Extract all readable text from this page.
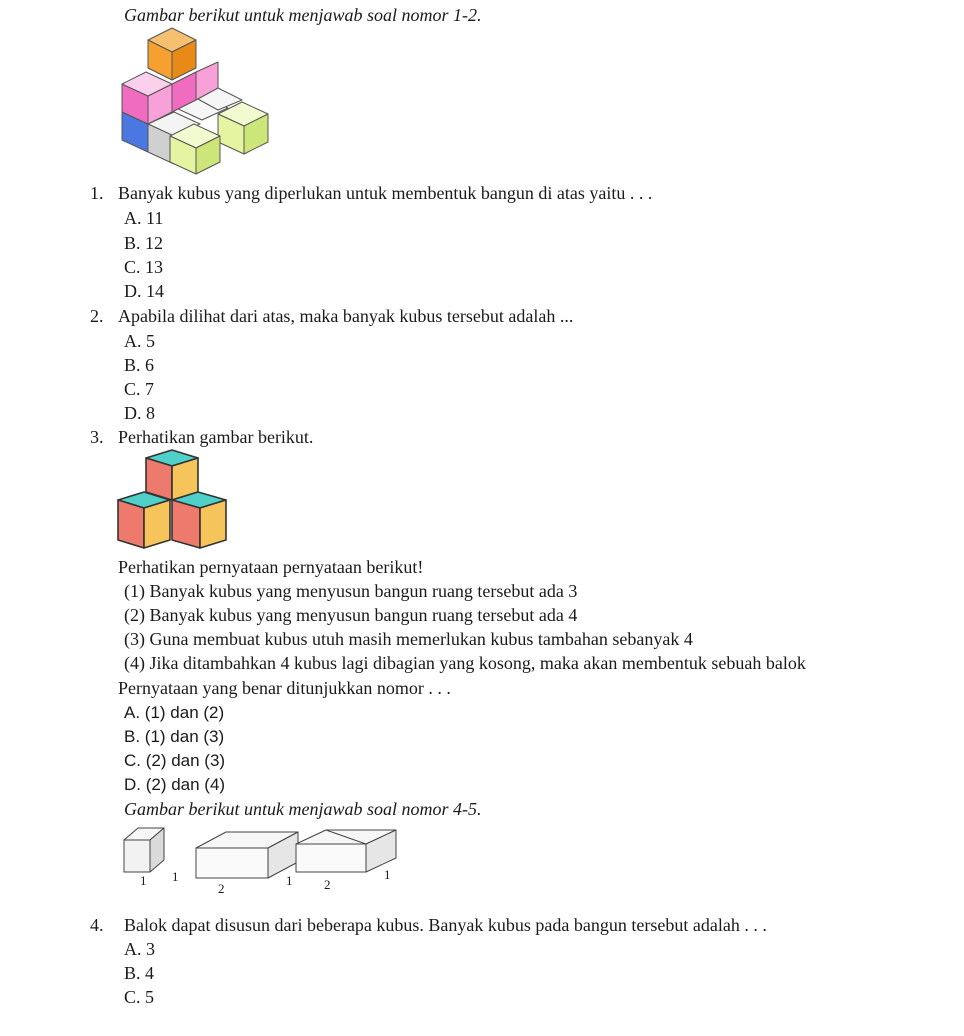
Gambar berikut untuk menjawab soal nomor 1-2.
1. Banyak kubus yang diperlukan untuk membentuk bangun di atas yaitu . . .
A. 11
B. 12
C. 13
D. 14
2. Apabila dilihat dari atas, maka banyak kubus tersebut adalah ...
A. 5
B. 6
C. 7
D. 8
3. Perhatikan gambar berikut.
Perhatikan pernyataan pernyataan berikut!
(1) Banyak kubus yang menyusun bangun ruang tersebut ada 3
(2) Banyak kubus yang menyusun bangun ruang tersebut ada 4
(3) Guna membuat kubus utuh masih memerlukan kubus tambahan sebanyak 4
(4) Jika ditambahkan 4 kubus lagi dibagian yang kosong, maka akan membentuk sebuah balok
Pernyataan yang benar ditunjukkan nomor . . .
A. (1) dan (2)
B. (1) dan (3)
C. (2) dan (3)
D. (2) dan (4)
Gambar berikut untuk menjawab soal nomor 4-5.
1 1
2
1 2
1
4. Balok dapat disusun dari beberapa kubus. Banyak kubus pada bangun tersebut adalah . . .
A. 3
B. 4
C. 5
